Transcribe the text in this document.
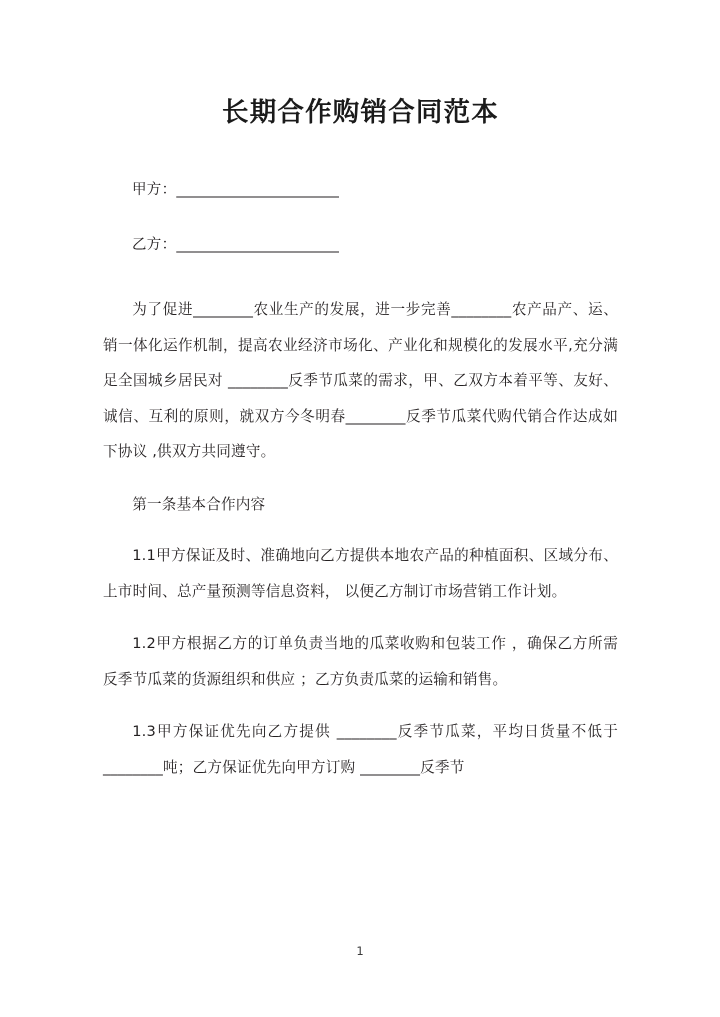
长期合作购销合同范本
甲方：________________________
乙方：________________________

为了促进________农业生产的发展，进一步完善________农产品产、运、销一体化运作机制，提高农业经济市场化、产业化和规模化的发展水平,充分满足全国城乡居民对 ________反季节瓜菜的需求，甲、乙双方本着平等、友好、诚信、互利的原则，就双方今冬明春________反季节瓜菜代购代销合作达成如下协议 ,供双方共同遵守。

第一条基本合作内容

1.1甲方保证及时、准确地向乙方提供本地农产品的种植面积、区域分布、上市时间、总产量预测等信息资料， 以便乙方制订市场营销工作计划。

1.2甲方根据乙方的订单负责当地的瓜菜收购和包装工作 ，确保乙方所需反季节瓜菜的货源组织和供应 ；乙方负责瓜菜的运输和销售。

1.3甲方保证优先向乙方提供 ________反季节瓜菜，平均日货量不低于________吨；乙方保证优先向甲方订购 ________反季节

1
